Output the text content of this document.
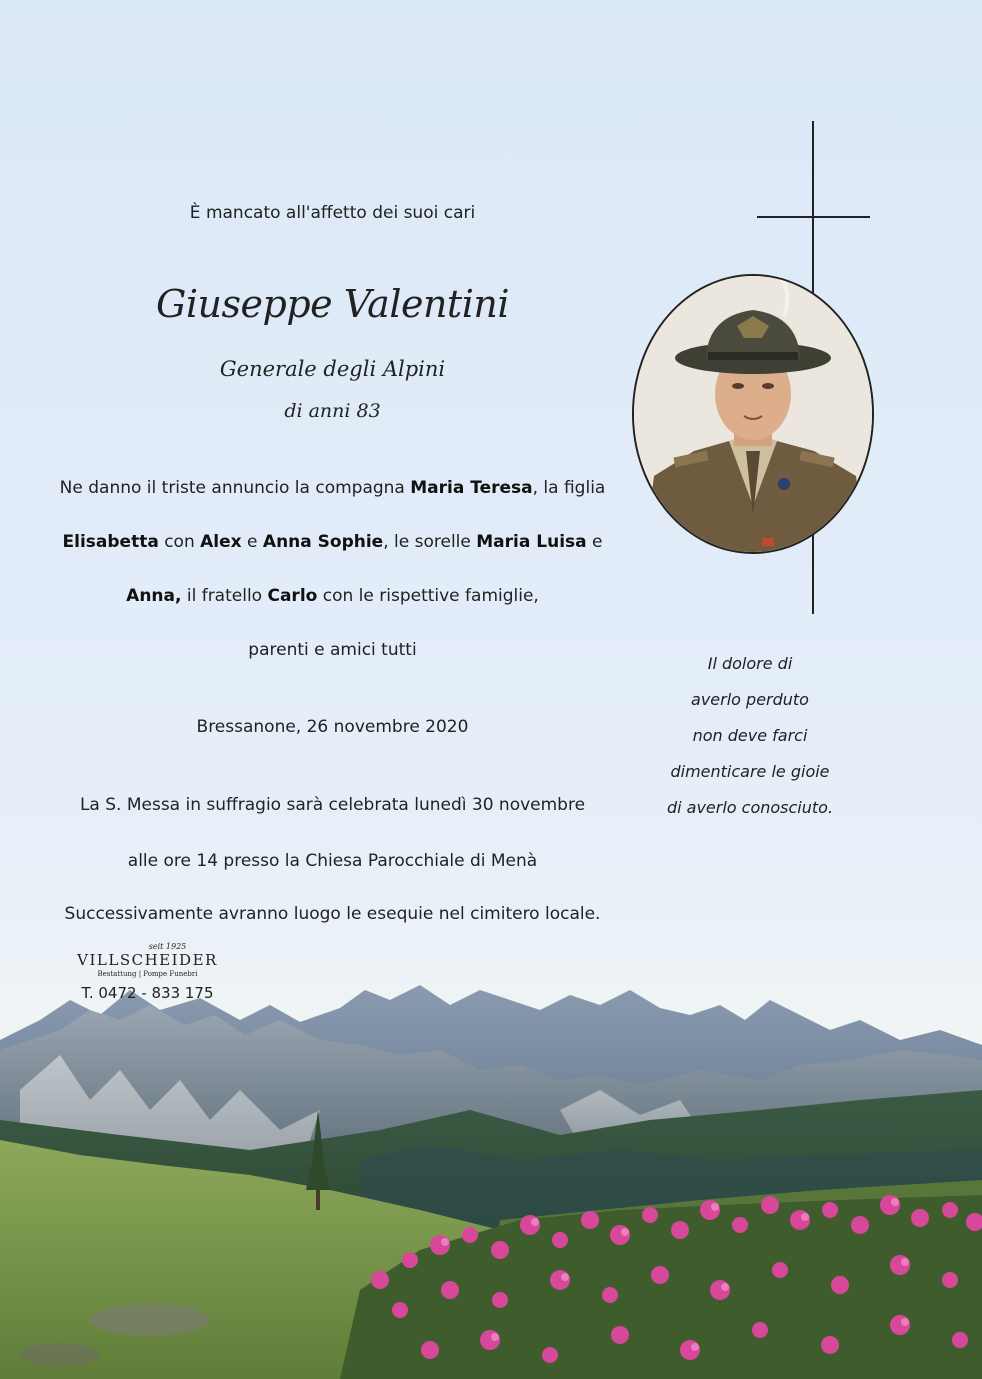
È mancato all'affetto dei suoi cari
Giuseppe Valentini
Generale degli Alpini
di anni 83
Ne danno il triste annuncio la compagna Maria Teresa, la figlia
Elisabetta con Alex e Anna Sophie, le sorelle Maria Luisa e
Anna, il fratello Carlo con le rispettive famiglie,
parenti e amici tutti
Bressanone, 26 novembre 2020
La S. Messa in suffragio sarà celebrata lunedì 30 novembre
alle ore 14 presso la Chiesa Parocchiale di Menà
Successivamente avranno luogo le esequie nel cimitero locale.
Il dolore di
averlo perduto
non deve farci
dimenticare le gioie
di averlo conosciuto.
seit 1925
VILLSCHEIDER
Bestattung | Pompe Funebri
T. 0472 - 833 175
